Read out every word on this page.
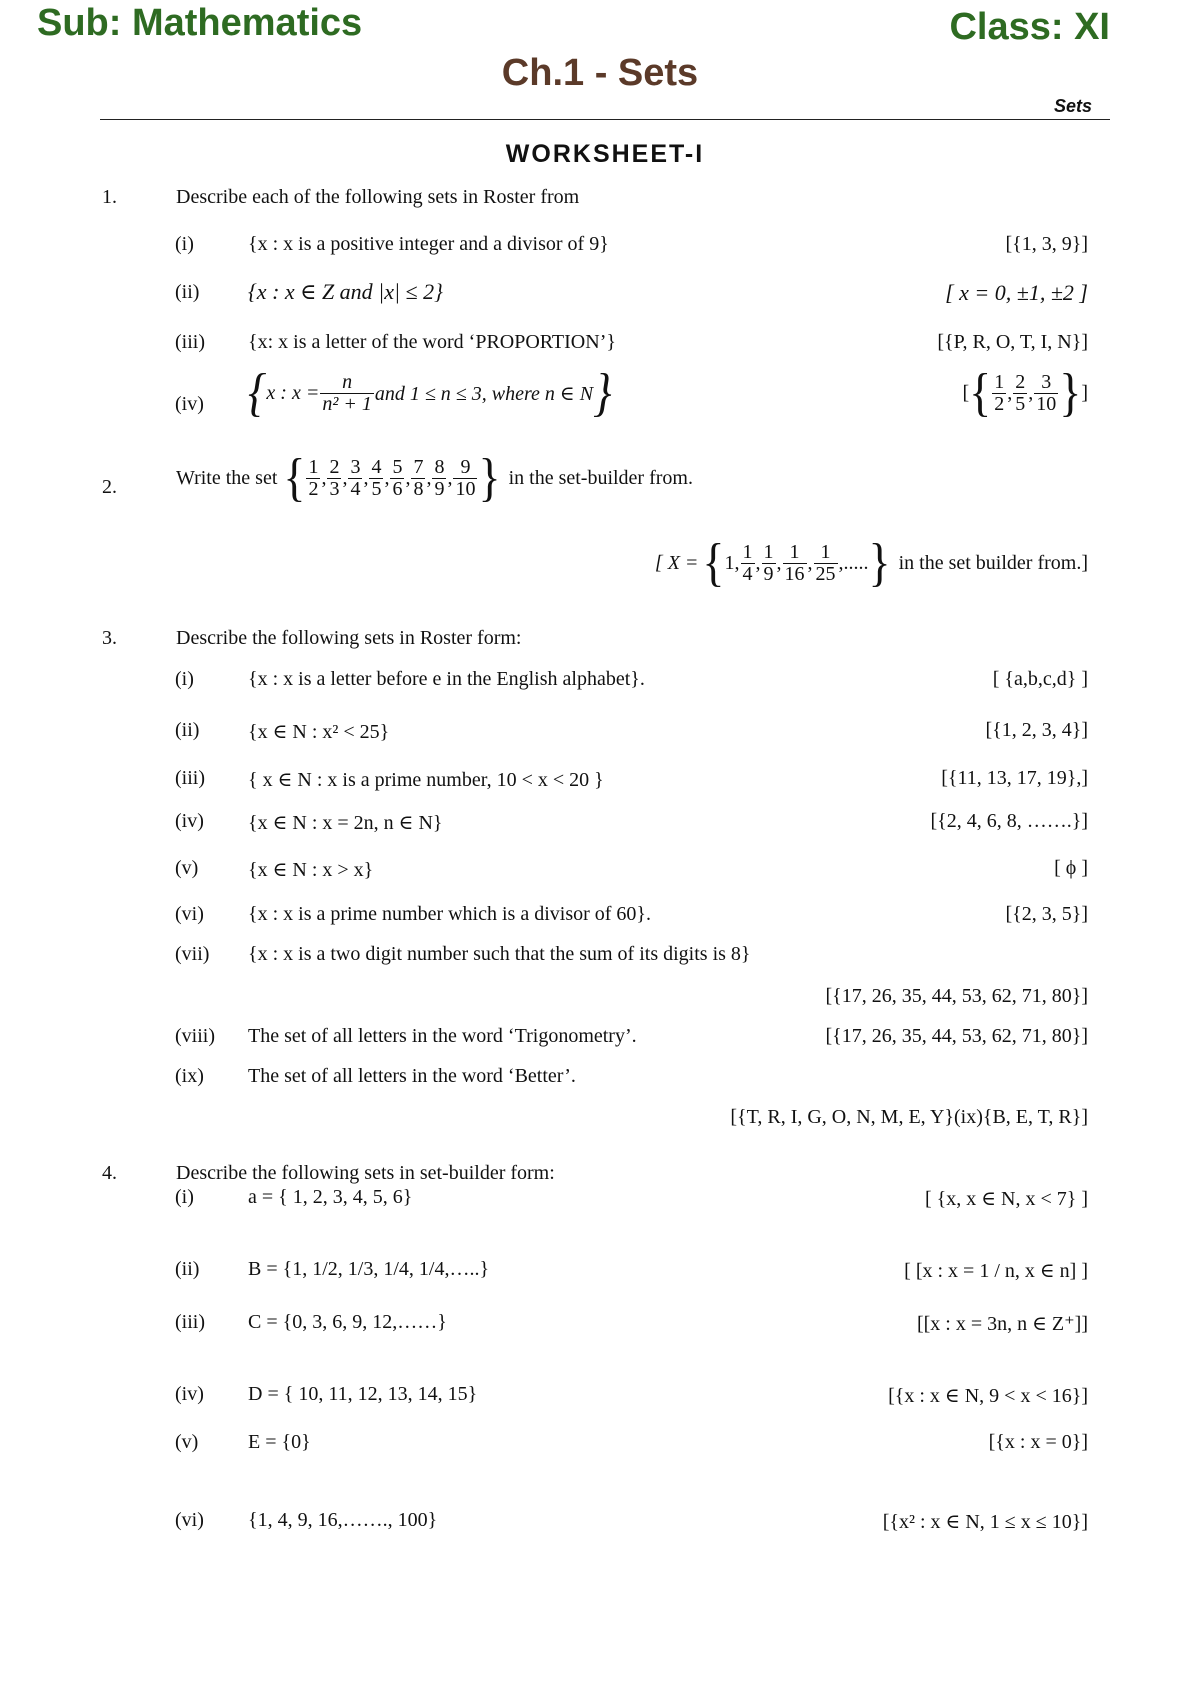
Sub: Mathematics	Class: XI
Ch.1 - Sets
Sets
WORKSHEET-I
1.	Describe each of the following sets in Roster from
(i)	{x : x is a positive integer and a divisor of 9}	[{1, 3, 9}]
(ii) {x : x ∈ Z and |x| ≤ 2}	[ x = 0, ±1, ±2 ]
(iii) {x: x is a letter of the word ‘PROPORTION’}	[{P, R, O, T, I, N}]
(iv) { x : $x = \frac{n}{\text{n² + 1}}$ and 1 ≤ n ≤ 3, where n ∈ N }	[ { $\frac{1}{2}$ , $\frac{2}{5}$ , $\frac{3}{10}$ } ]
2.	Write the set { $\frac{1}{2}$ , $\frac{2}{3}$ , $\frac{3}{4}$ , $\frac{4}{5}$ , $\frac{5}{6}$ , $\frac{7}{8}$ , $\frac{8}{9}$ , $\frac{9}{10}$ } in the set-builder from.
[ X = { 1, $\frac{1}{4}$ , $\frac{1}{9}$ , $\frac{1}{16}$ , $\frac{1}{25}$ ,..... } in the set builder from.]
3.	Describe the following sets in Roster form:
(i)	{x : x is a letter before e in the English alphabet}.	[ {a,b,c,d} ]
(ii) {x ∈ N : x² < 25}	[{1, 2, 3, 4}]
(iii) { x ∈ N : x is a prime number, 10 < x < 20 }	[{11, 13, 17, 19},]
(iv) {x ∈ N : x = 2n, n ∈ N}	[{2, 4, 6, 8, …….}]
(v) {x ∈ N : x > x}	[ ϕ ]
(vi) {x : x is a prime number which is a divisor of 60}.	[{2, 3, 5}]
(vii) {x : x is a two digit number such that the sum of its digits is 8}
[{17, 26, 35, 44, 53, 62, 71, 80}]
(viii) The set of all letters in the word ‘Trigonometry’.	[{17, 26, 35, 44, 53, 62, 71, 80}]
(ix) The set of all letters in the word ‘Better’.
[{T, R, I, G, O, N, M, E, Y}(ix){B, E, T, R}]
4.	Describe the following sets in set-builder form:
(i)	a = { 1, 2, 3, 4, 5, 6}	[ {x, x ∈ N, x < 7} ]
(ii) B = {1, 1/2, 1/3, 1/4, 1/4,…..}	[ [x : x = 1 / n, x ∈ n] ]
(iii) C = {0, 3, 6, 9, 12,……}	[[x : x = 3n, n ∈ Z⁺]]
(iv) D = { 10, 11, 12, 13, 14, 15}	[{x : x ∈ N, 9 < x < 16}]
(v) E = {0}	[{x : x = 0}]
(vi) {1, 4, 9, 16,……., 100}	[{x² : x ∈ N, 1 ≤ x ≤ 10}]
